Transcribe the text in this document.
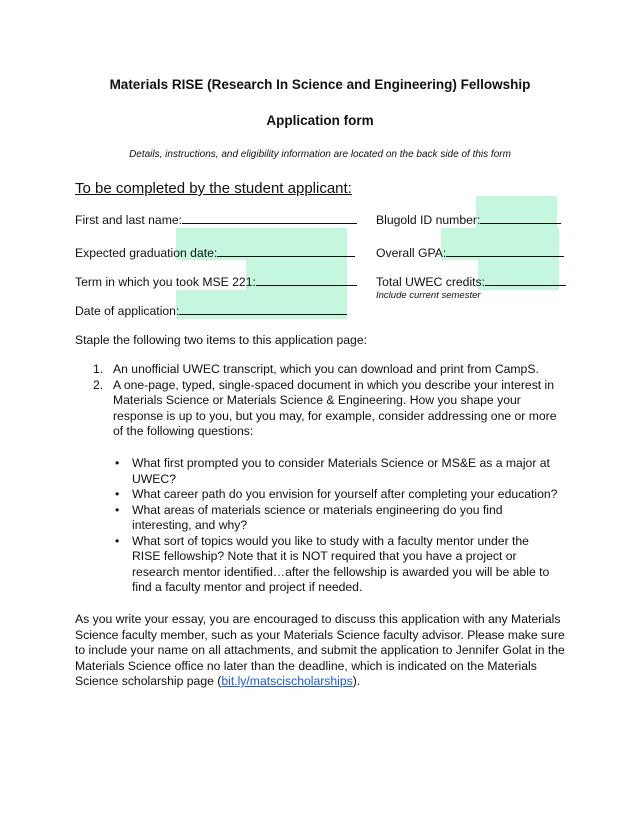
Materials RISE (Research In Science and Engineering) Fellowship
Application form
Details, instructions, and eligibility information are located on the back side of this form
To be completed by the student applicant:
First and last name:
Expected graduation date:
Term in which you took MSE 221:
Date of application:
Blugold ID number:
Overall GPA:
Total UWEC credits:
Include current semester
Staple the following two items to this application page:
1. An unofficial UWEC transcript, which you can download and print from CampS.
2. A one-page, typed, single-spaced document in which you describe your interest in Materials Science or Materials Science & Engineering. How you shape your response is up to you, but you may, for example, consider addressing one or more of the following questions:
• What first prompted you to consider Materials Science or MS&E as a major at UWEC?
• What career path do you envision for yourself after completing your education?
• What areas of materials science or materials engineering do you find interesting, and why?
• What sort of topics would you like to study with a faculty mentor under the RISE fellowship? Note that it is NOT required that you have a project or research mentor identified…after the fellowship is awarded you will be able to find a faculty mentor and project if needed.
As you write your essay, you are encouraged to discuss this application with any Materials Science faculty member, such as your Materials Science faculty advisor. Please make sure to include your name on all attachments, and submit the application to Jennifer Golat in the Materials Science office no later than the deadline, which is indicated on the Materials Science scholarship page (bit.ly/matscischolarships).
